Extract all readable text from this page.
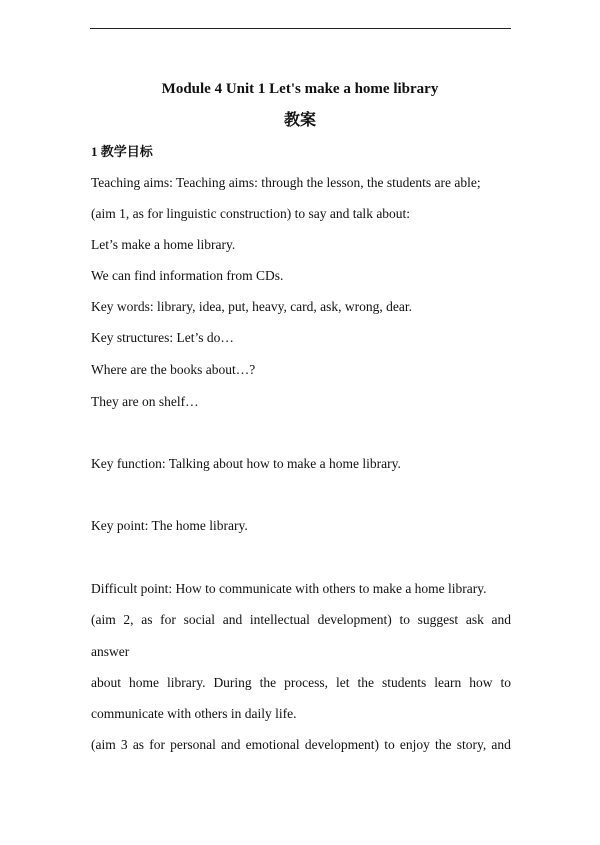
Module 4 Unit 1 Let's make a home library
教案
1 教学目标
Teaching aims: Teaching aims: through the lesson, the students are able;
(aim 1, as for linguistic construction) to say and talk about:
Let’s make a home library.
We can find information from CDs.
Key words: library, idea, put, heavy, card, ask, wrong, dear.
Key structures: Let’s do…
Where are the books about…?
They are on shelf…
Key function: Talking about how to make a home library.
Key point: The home library.
Difficult point: How to communicate with others to make a home library.
(aim 2, as for social and intellectual development) to suggest ask and
answer
about home library. During the process, let the students learn how to
communicate with others in daily life.
(aim 3 as for personal and emotional development) to enjoy the story, and
